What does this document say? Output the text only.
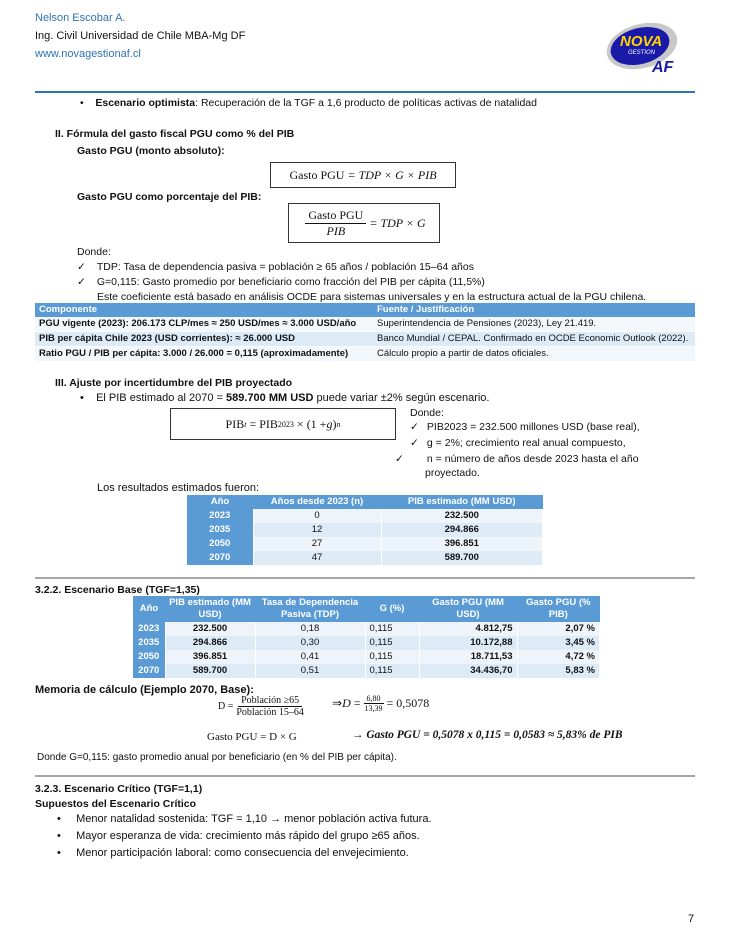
Nelson Escobar A.
Ing. Civil Universidad de Chile MBA-Mg DF
www.novagestionaf.cl
NOVA
GESTION
AF
•    Escenario optimista: Recuperación de la TGF a 1,6 producto de políticas activas de natalidad
II. Fórmula del gasto fiscal PGU como % del PIB
Gasto PGU (monto absoluto):
Gasto PGU
= TDP × G × PIB
Gasto PGU como porcentaje del PIB:
$\frac{\text{Gasto PGU}}{\text{PIB}}$ = TDP × G
Donde:
✓ TDP: Tasa de dependencia pasiva = población ≥ 65 años / población 15–64 años
✓ G=0,115: Gasto promedio por beneficiario como fracción del PIB per cápita (11,5%)
Este coeficiente está basado en análisis OCDE para sistemas universales y en la estructura actual de la PGU chilena.
Componente	Fuente / Justificación
PGU vigente (2023): 206.173 CLP/mes ≈ 250 USD/mes ≈ 3.000 USD/año	Superintendencia de Pensiones (2023), Ley 21.419.
PIB per cápita Chile 2023 (USD corrientes): ≈ 26.000 USD	Banco Mundial / CEPAL. Confirmado en OCDE Economic Outlook (2022).
Ratio PGU / PIB per cápita: 3.000 / 26.000 = 0,115 (aproximadamente)	Cálculo propio a partir de datos oficiales.
III. Ajuste por incertidumbre del PIB proyectado
•    El PIB estimado al 2070 = 589.700 MM USD puede variar ±2% según escenario.
PIB t = PIB 2023 × (1 + g ) n
Donde:
✓ PIB2023 = 232.500 millones USD (base real),
✓ g = 2%; crecimiento real anual compuesto,
✓ n = número de años desde 2023 hasta el año proyectado.
Los resultados estimados fueron:
Año	Años desde 2023 (n)	PIB estimado (MM USD)
2023	0	232.500
2035	12	294.866
2050	27	396.851
2070	47	589.700
3.2.2. Escenario Base (TGF=1,35)
Año	PIB estimado (MM USD)	Tasa de Dependencia Pasiva (TDP)	G (%)	Gasto PGU (MM USD)	Gasto PGU (% PIB)
2023	232.500	0,18	0,115	4.812,75	2,07 %
2035	294.866	0,30	0,115	10.172,88	3,45 %
2050	396.851	0,41	0,115	18.711,53	4,72 %
2070	589.700	0,51	0,115	34.436,70	5,83 %
Memoria de cálculo (Ejemplo 2070, Base):
$D = \frac{\text{Población ≥65}}{\text{Población 15–64}}$ ⇒ $D = \frac{6,80}{13,39} = 0,5078$
Gasto PGU = D × G	→ Gasto PGU = 0,5078 x 0,115 = 0,0583 ≈ 5,83% de PIB
Donde G=0,115: gasto promedio anual por beneficiario (en % del PIB per cápita).
3.2.3. Escenario Crítico (TGF=1,1)
Supuestos del Escenario Crítico
•     Menor natalidad sostenida: TGF = 1,10 → menor población activa futura.
•     Mayor esperanza de vida: crecimiento más rápido del grupo ≥65 años.
•     Menor participación laboral: como consecuencia del envejecimiento.
7
